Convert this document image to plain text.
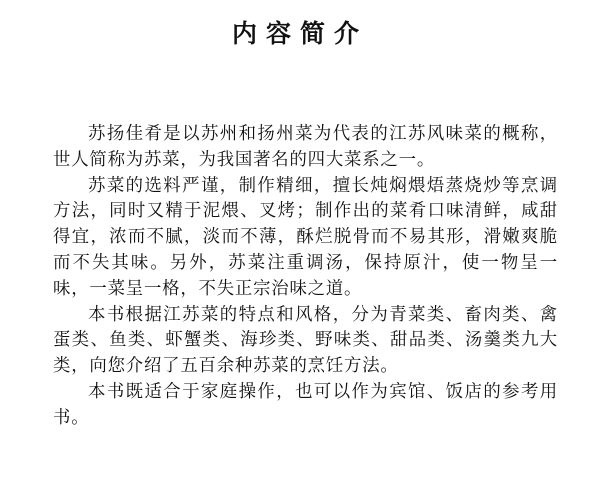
内容简介

苏扬佳肴是以苏州和扬州菜为代表的江苏风味菜的概称，世人简称为苏菜，为我国著名的四大菜系之一。

苏菜的选料严谨，制作精细，擅长炖焖煨焐蒸烧炒等烹调方法，同时又精于泥煨、叉烤；制作出的菜肴口味清鲜，咸甜得宜，浓而不腻，淡而不薄，酥烂脱骨而不易其形，滑嫩爽脆而不失其味。另外，苏菜注重调汤，保持原汁，使一物呈一味，一菜呈一格，不失正宗治味之道。

本书根据江苏菜的特点和风格，分为青菜类、畜肉类、禽蛋类、鱼类、虾蟹类、海珍类、野味类、甜品类、汤羹类九大类，向您介绍了五百余种苏菜的烹饪方法。

本书既适合于家庭操作，也可以作为宾馆、饭店的参考用书。
